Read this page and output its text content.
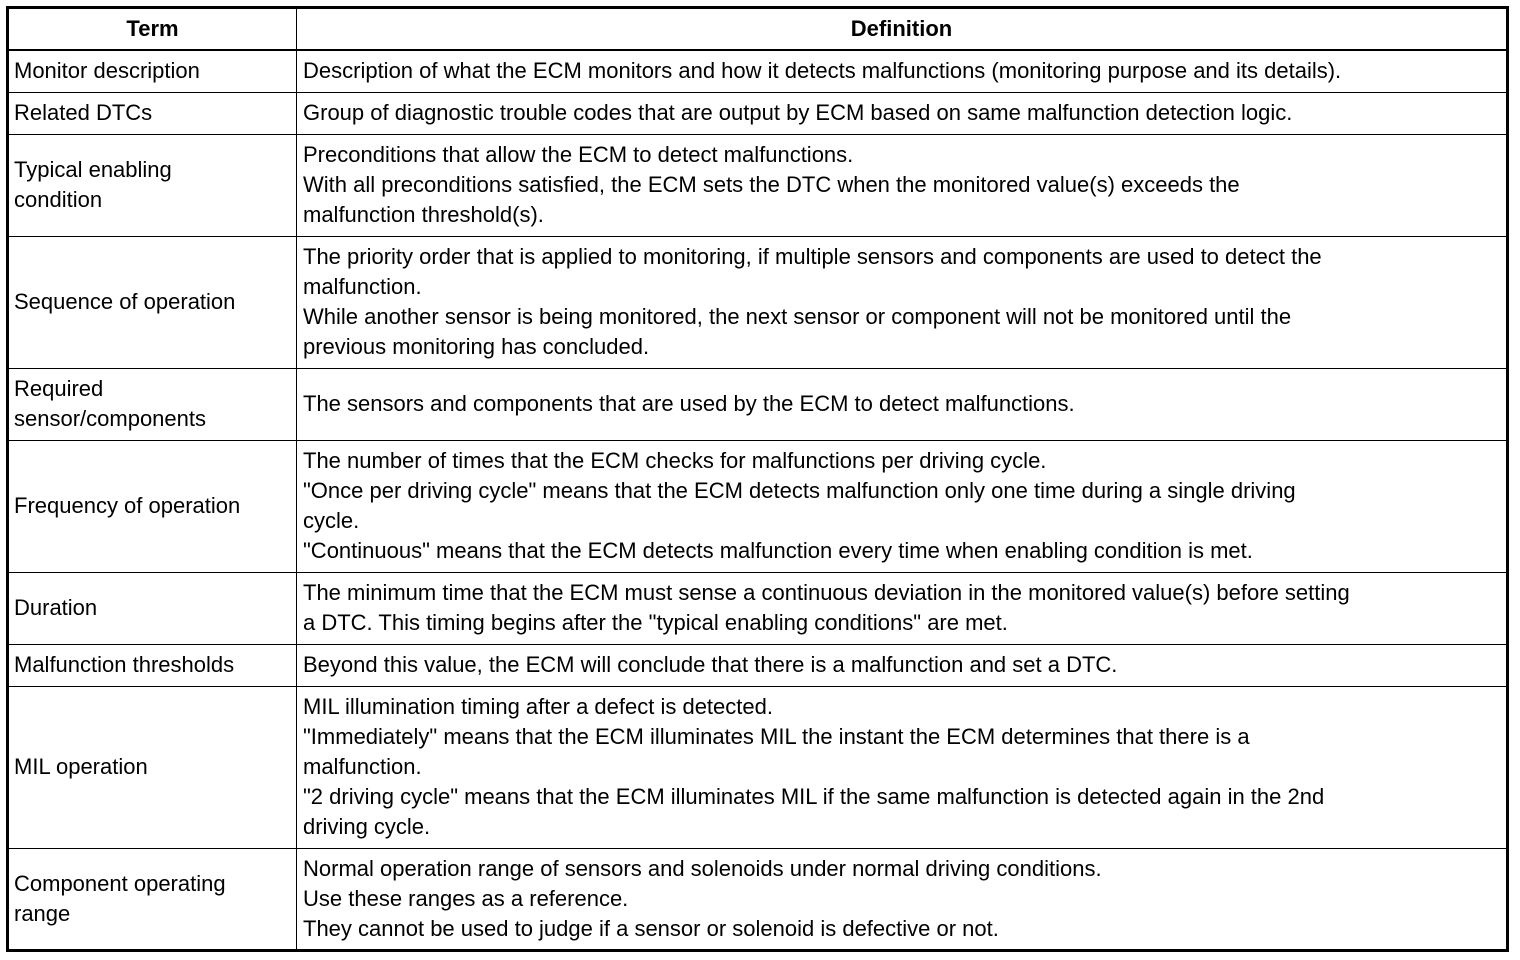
Term	Definition

Monitor description	Description of what the ECM monitors and how it detects malfunctions (monitoring purpose and its details).

Related DTCs	Group of diagnostic trouble codes that are output by ECM based on same malfunction detection logic.

Typical enabling
condition	Preconditions that allow the ECM to detect malfunctions.
With all preconditions satisfied, the ECM sets the DTC when the monitored value(s) exceeds the
malfunction threshold(s).

Sequence of operation	The priority order that is applied to monitoring, if multiple sensors and components are used to detect the
malfunction.
While another sensor is being monitored, the next sensor or component will not be monitored until the
previous monitoring has concluded.

Required
sensor/components	The sensors and components that are used by the ECM to detect malfunctions.

Frequency of operation	The number of times that the ECM checks for malfunctions per driving cycle.
"Once per driving cycle" means that the ECM detects malfunction only one time during a single driving
cycle.
"Continuous" means that the ECM detects malfunction every time when enabling condition is met.

Duration	The minimum time that the ECM must sense a continuous deviation in the monitored value(s) before setting
a DTC. This timing begins after the "typical enabling conditions" are met.

Malfunction thresholds	Beyond this value, the ECM will conclude that there is a malfunction and set a DTC.

MIL operation	MIL illumination timing after a defect is detected.
"Immediately" means that the ECM illuminates MIL the instant the ECM determines that there is a
malfunction.
"2 driving cycle" means that the ECM illuminates MIL if the same malfunction is detected again in the 2nd
driving cycle.

Component operating
range	Normal operation range of sensors and solenoids under normal driving conditions.
Use these ranges as a reference.
They cannot be used to judge if a sensor or solenoid is defective or not.
